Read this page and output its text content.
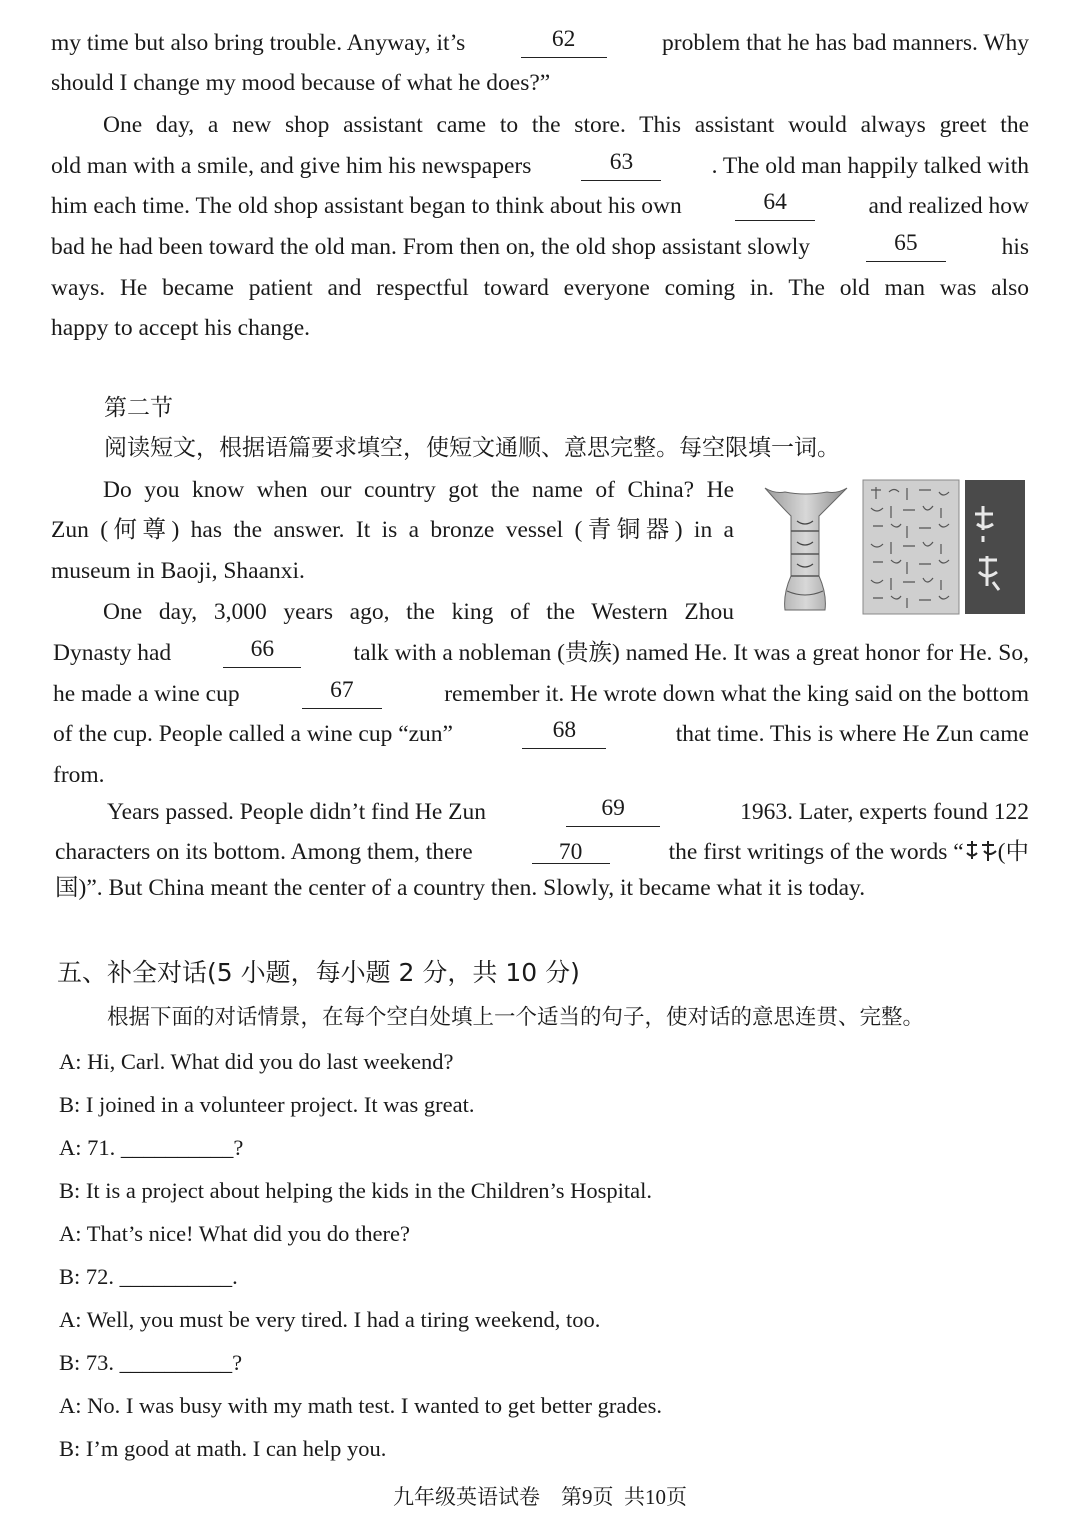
my time but also bring trouble. Anyway, it’s	62	problem that he has bad manners. Why
should I change my mood because of what he does?”
One day, a new shop assistant came to the store. This assistant would always greet the
old man with a smile, and give him his newspapers	63	. The old man happily talked with
him each time. The old shop assistant began to think about his own	64	and realized how
bad he had been toward the old man. From then on, the old shop assistant slowly	65	his
ways. He became patient and respectful toward everyone coming in. The old man was also
happy to accept his change.
第二节
阅读短文，根据语篇要求填空，使短文通顺、意思完整。每空限填一词。
Do you know when our country got the name of China? He
Zun (何尊) has the answer. It is a bronze vessel (青铜器) in a
museum in Baoji, Shaanxi.
One day, 3,000 years ago, the king of the Western Zhou
Dynasty had	66	talk with a nobleman (贵族) named He. It was a great honor for He. So,
he made a wine cup	67	remember it. He wrote down what the king said on the bottom
of the cup. People called a wine cup “zun”	68	that time. This is where He Zun came
from.
Years passed. People didn’t find He Zun	69	1963. Later, experts found 122
characters on its bottom. Among them, there	70	the first writings of the words “ (中
国)”. But China meant the center of a country then. Slowly, it became what it is today.
五、补全对话(5 小题，每小题 2 分，共 10 分)
根据下面的对话情景，在每个空白处填上一个适当的句子，使对话的意思连贯、完整。
A: Hi, Carl. What did you do last weekend?
B: I joined in a volunteer project. It was great.
A: 71. __________?
B: It is a project about helping the kids in the Children’s Hospital.
A: That’s nice! What did you do there?
B: 72. __________.
A: Well, you must be very tired. I had a tiring weekend, too.
B: 73. __________?
A: No. I was busy with my math test. I wanted to get better grades.
B: I’m good at math. I can help you.
九年级英语试卷    第9页  共10页
